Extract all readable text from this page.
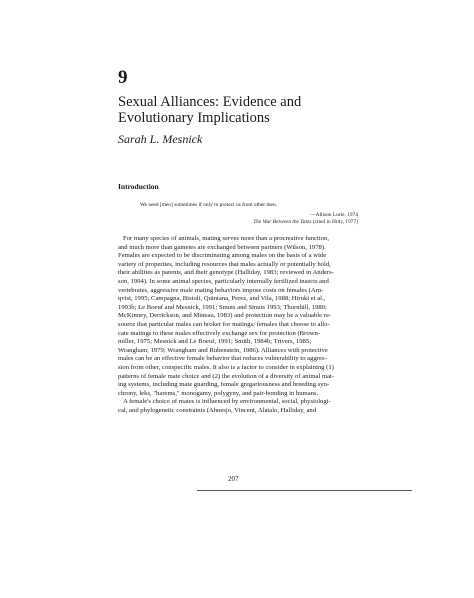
9
Sexual Alliances: Evidence and
Evolutionary Implications
Sarah L. Mesnick
Introduction
We need [men] sometimes if only to protect us from other men.
—Allison Lurie, 1974
The War Between the Tates (cited in Hrdy, 1977)
For many species of animals, mating serves more than a procreative function,
and much more than gametes are exchanged between partners (Wilson, 1978).
Females are expected to be discriminating among males on the basis of a wide
variety of properties, including resources that males actually or potentially hold,
their abilities as parents, and their genotype (Halliday, 1983; reviewed in Anders-
son, 1994). In some animal species, particularly internally fertilized insects and
vertebrates, aggressive male mating behaviors impose costs on females (Arn-
qvist, 1995; Campagna, Bisioli, Quintana, Perez, and Vila, 1988; Hiruki et al.,
1993b; Le Boeuf and Mesnick, 1991; Smuts and Smuts 1993; Thornhill, 1980;
McKinney, Derrickson, and Mineau, 1983) and protection may be a valuable re-
source that particular males can broker for matings; females that choose to allo-
cate matings to these males effectively exchange sex for protection (Brown-
miller, 1975; Mesnick and Le Boeuf, 1991; Smith, 1984b; Trivers, 1985;
Wrangham, 1979; Wrangham and Rubenstein, 1986). Alliances with protective
males can be an effective female behavior that reduces vulnerability to aggres-
sion from other, conspecific males. It also is a factor to consider in explaining (1)
patterns of female mate choice and (2) the evolution of a diversity of animal mat-
ing systems, including mate guarding, female gregariousness and breeding syn-
chrony, leks, "harems," monogamy, polygyny, and pair-bonding in humans.
A female's choice of mates is influenced by environmental, social, physiologi-
cal, and phylogenetic constraints (Ahnesjo, Vincent, Alatalo, Halliday, and
207
